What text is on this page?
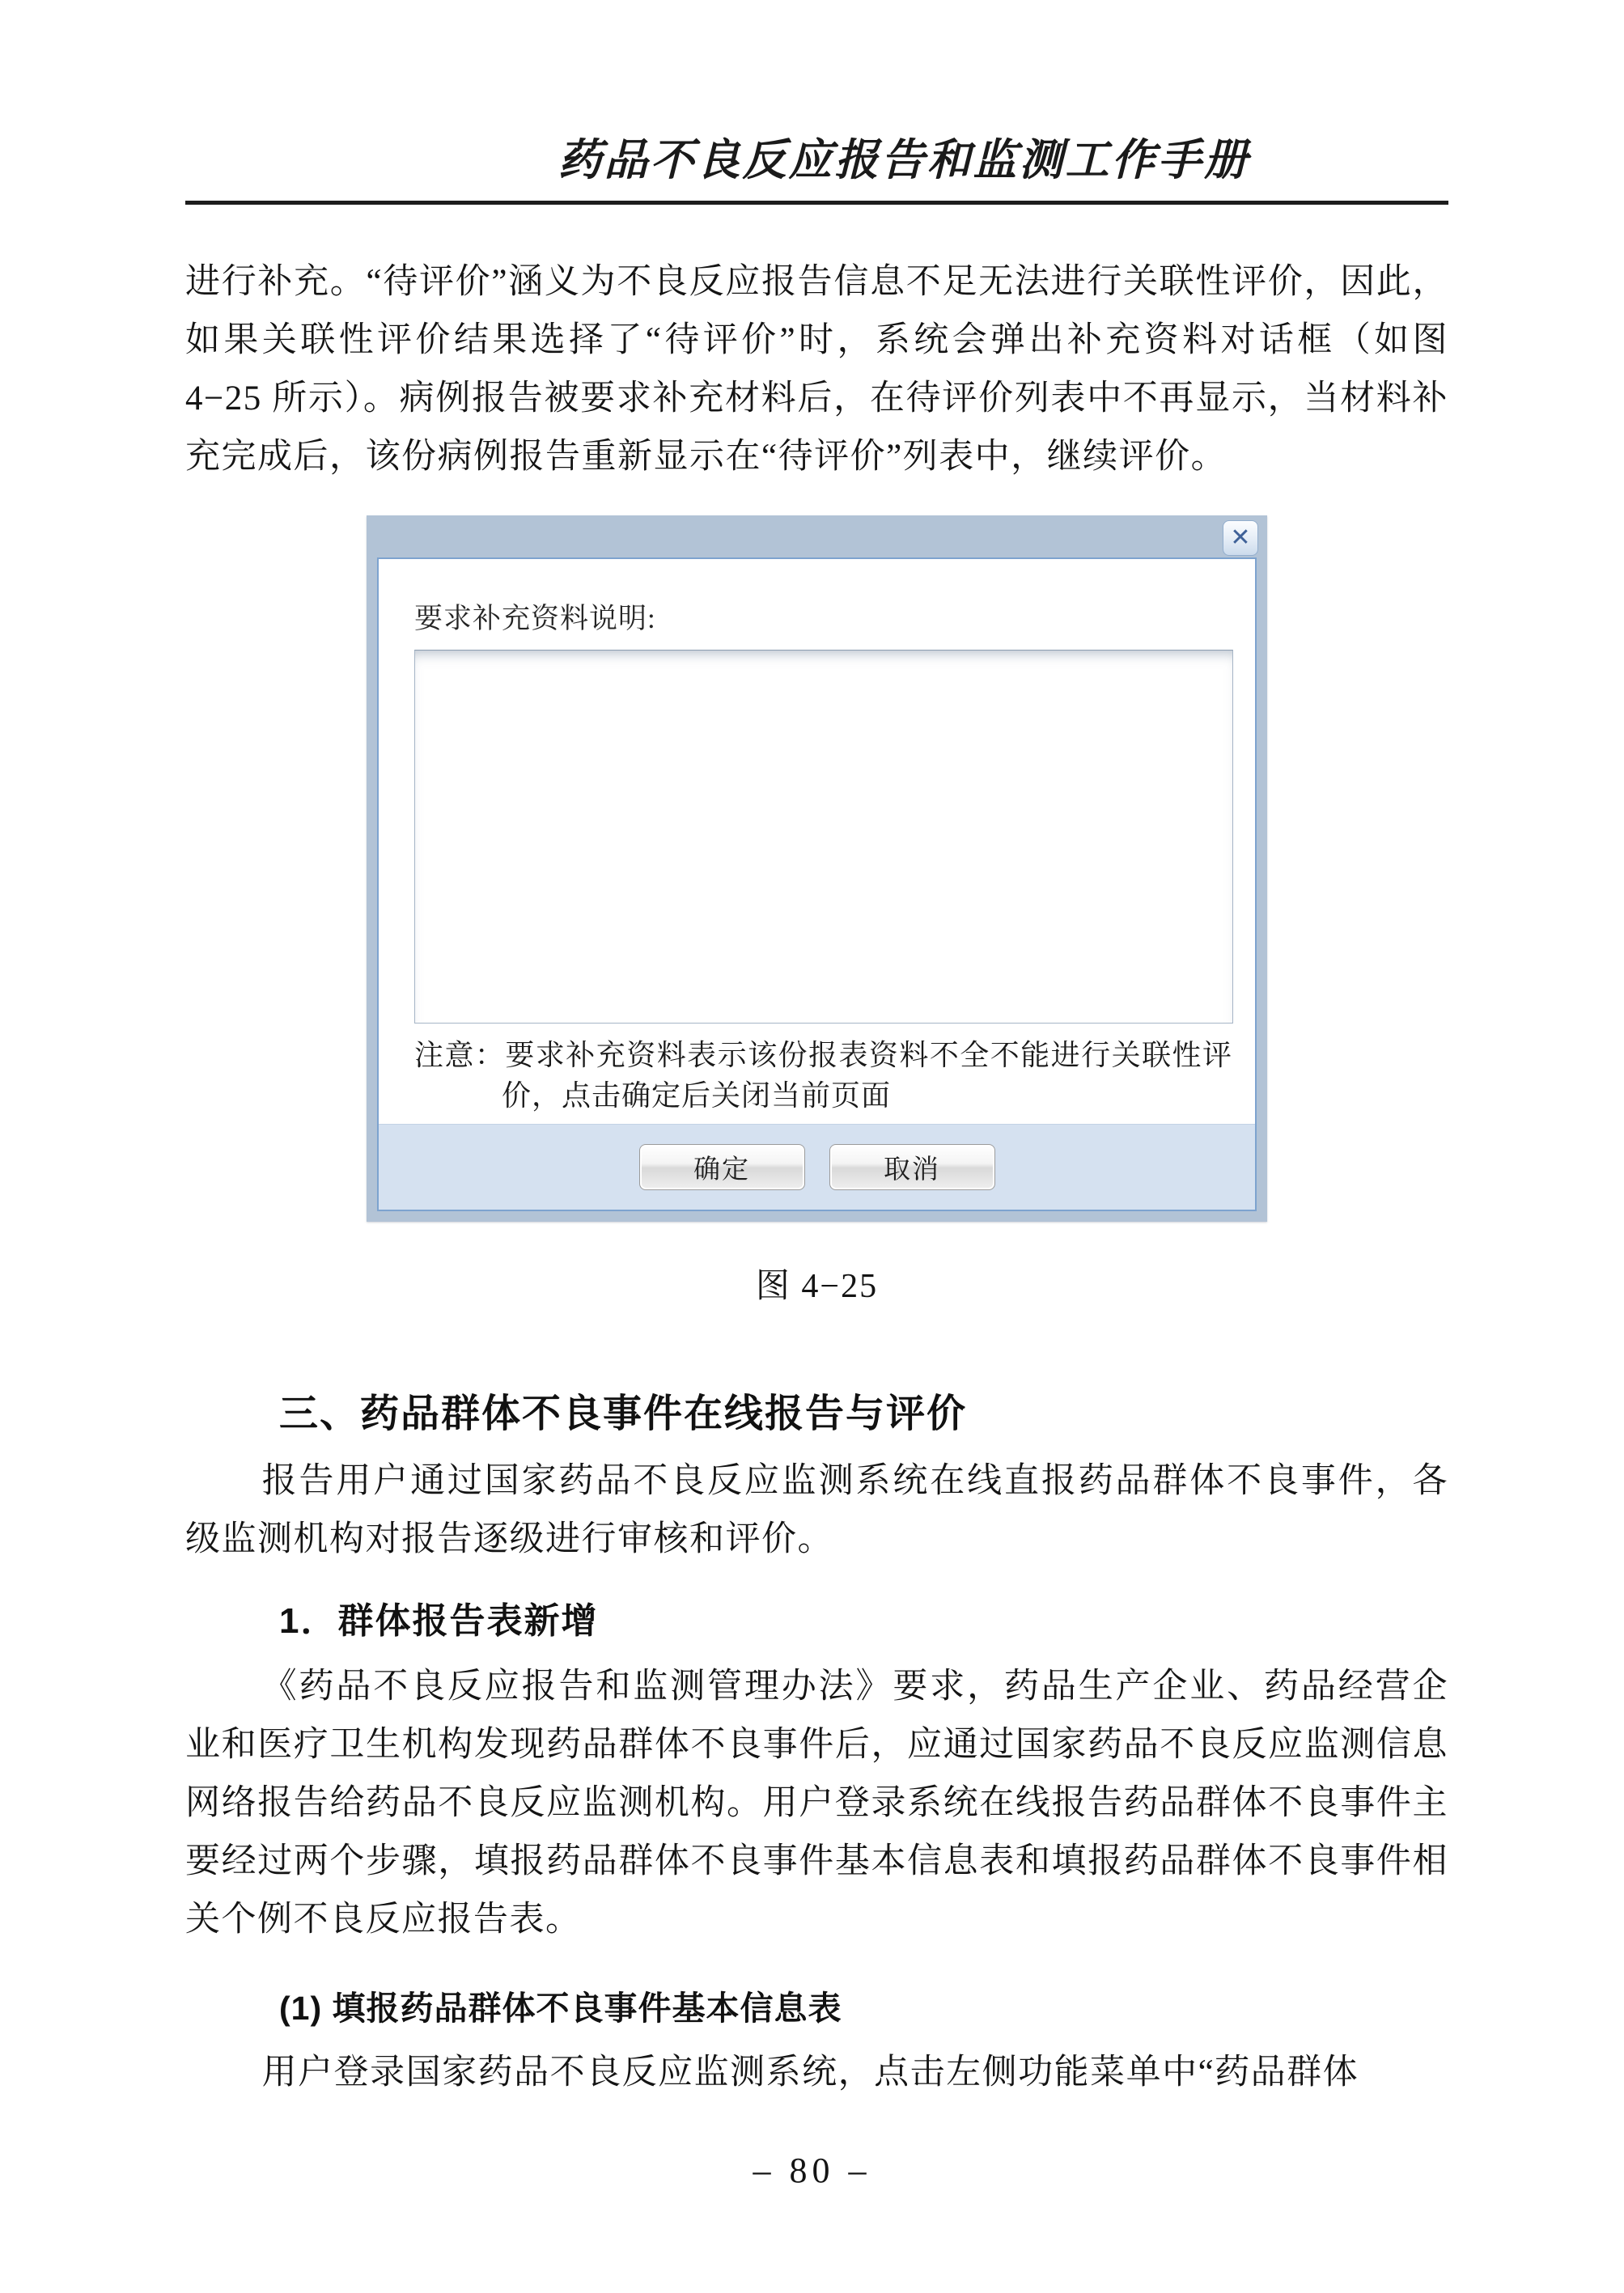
药品不良反应报告和监测工作手册

进行补充。“待评价”涵义为不良反应报告信息不足无法进行关联性评价，因此，如果关联性评价结果选择了“待评价”时，系统会弹出补充资料对话框（如图 4−25 所示）。病例报告被要求补充材料后，在待评价列表中不再显示，当材料补充完成后，该份病例报告重新显示在“待评价”列表中，继续评价。

✕
要求补充资料说明:
注意：要求补充资料表示该份报表资料不全不能进行关联性评价，点击确定后关闭当前页面
确定	取消
图 4−25
三、药品群体不良事件在线报告与评价

报告用户通过国家药品不良反应监测系统在线直报药品群体不良事件，各级监测机构对报告逐级进行审核和评价。

1．群体报告表新增

《药品不良反应报告和监测管理办法》要求，药品生产企业、药品经营企业和医疗卫生机构发现药品群体不良事件后，应通过国家药品不良反应监测信息网络报告给药品不良反应监测机构。用户登录系统在线报告药品群体不良事件主要经过两个步骤，填报药品群体不良事件基本信息表和填报药品群体不良事件相关个例不良反应报告表。

(1) 填报药品群体不良事件基本信息表

用户登录国家药品不良反应监测系统，点击左侧功能菜单中“药品群体

– 80 –
